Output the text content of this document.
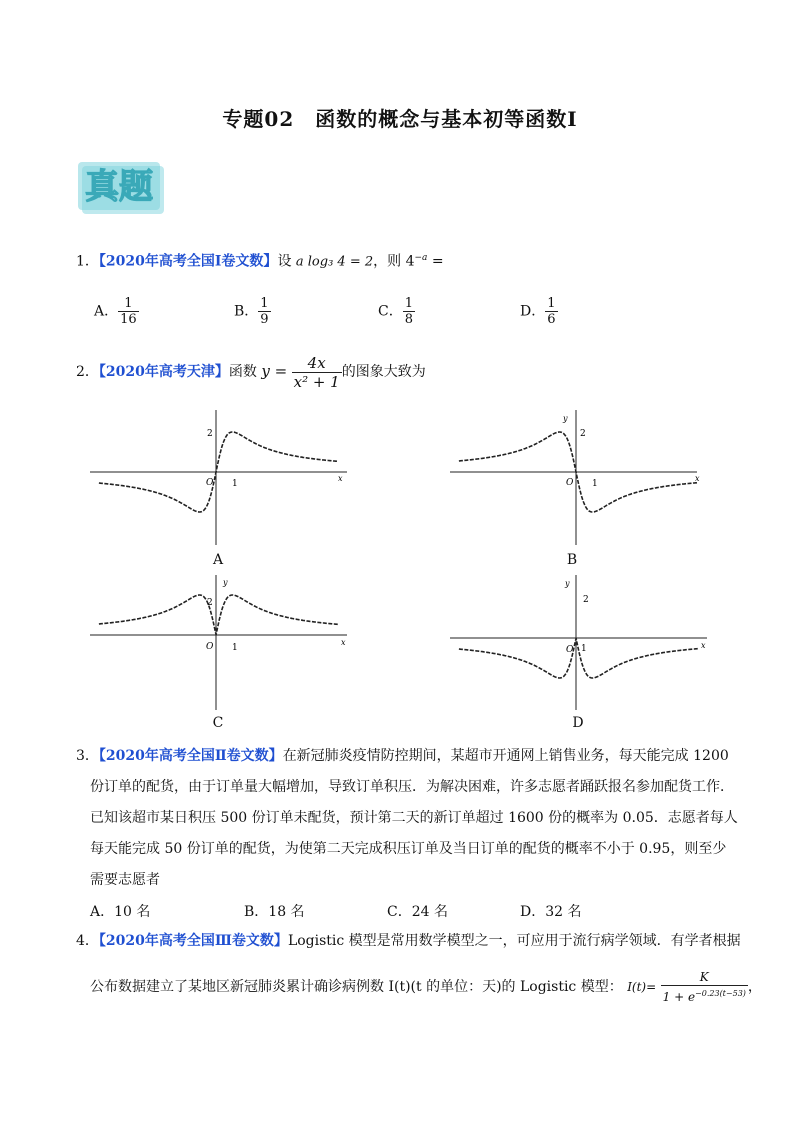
专题02　函数的概念与基本初等函数Ⅰ
真题
1．【2020年高考全国Ⅰ卷文数】设 a log₃ 4 = 2，则 $4^{-a}$ =
A． $\frac{1}{16}$	B． $\frac{1}{9}$	C． $\frac{1}{8}$	D． $\frac{1}{6}$
2．【2020年高考天津】函数 $y = \frac{4x}{\text{x² + 1}}$ 的图象大致为
O 1
2
x
A
O 1
2
y
x
B
O 1
2
y
x
C
O 1
2
y
x
D
3．【2020年高考全国Ⅱ卷文数】在新冠肺炎疫情防控期间，某超市开通网上销售业务，每天能完成 1200
份订单的配货，由于订单量大幅增加，导致订单积压．为解决困难，许多志愿者踊跃报名参加配货工作．
已知该超市某日积压 500 份订单未配货，预计第二天的新订单超过 1600 份的概率为 0.05．志愿者每人
每天能完成 50 份订单的配货，为使第二天完成积压订单及当日订单的配货的概率不小于 0.95，则至少
需要志愿者
A．10 名	B．18 名	C．24 名	D．32 名
4．【2020年高考全国Ⅲ卷文数】Logistic 模型是常用数学模型之一，可应用于流行病学领域．有学者根据
公布数据建立了某地区新冠肺炎累计确诊病例数 I(t)(t 的单位：天)的 Logistic 模型： $I(t)= \frac{K}{1 + e^{-0.23(t-53)}}$ ，
